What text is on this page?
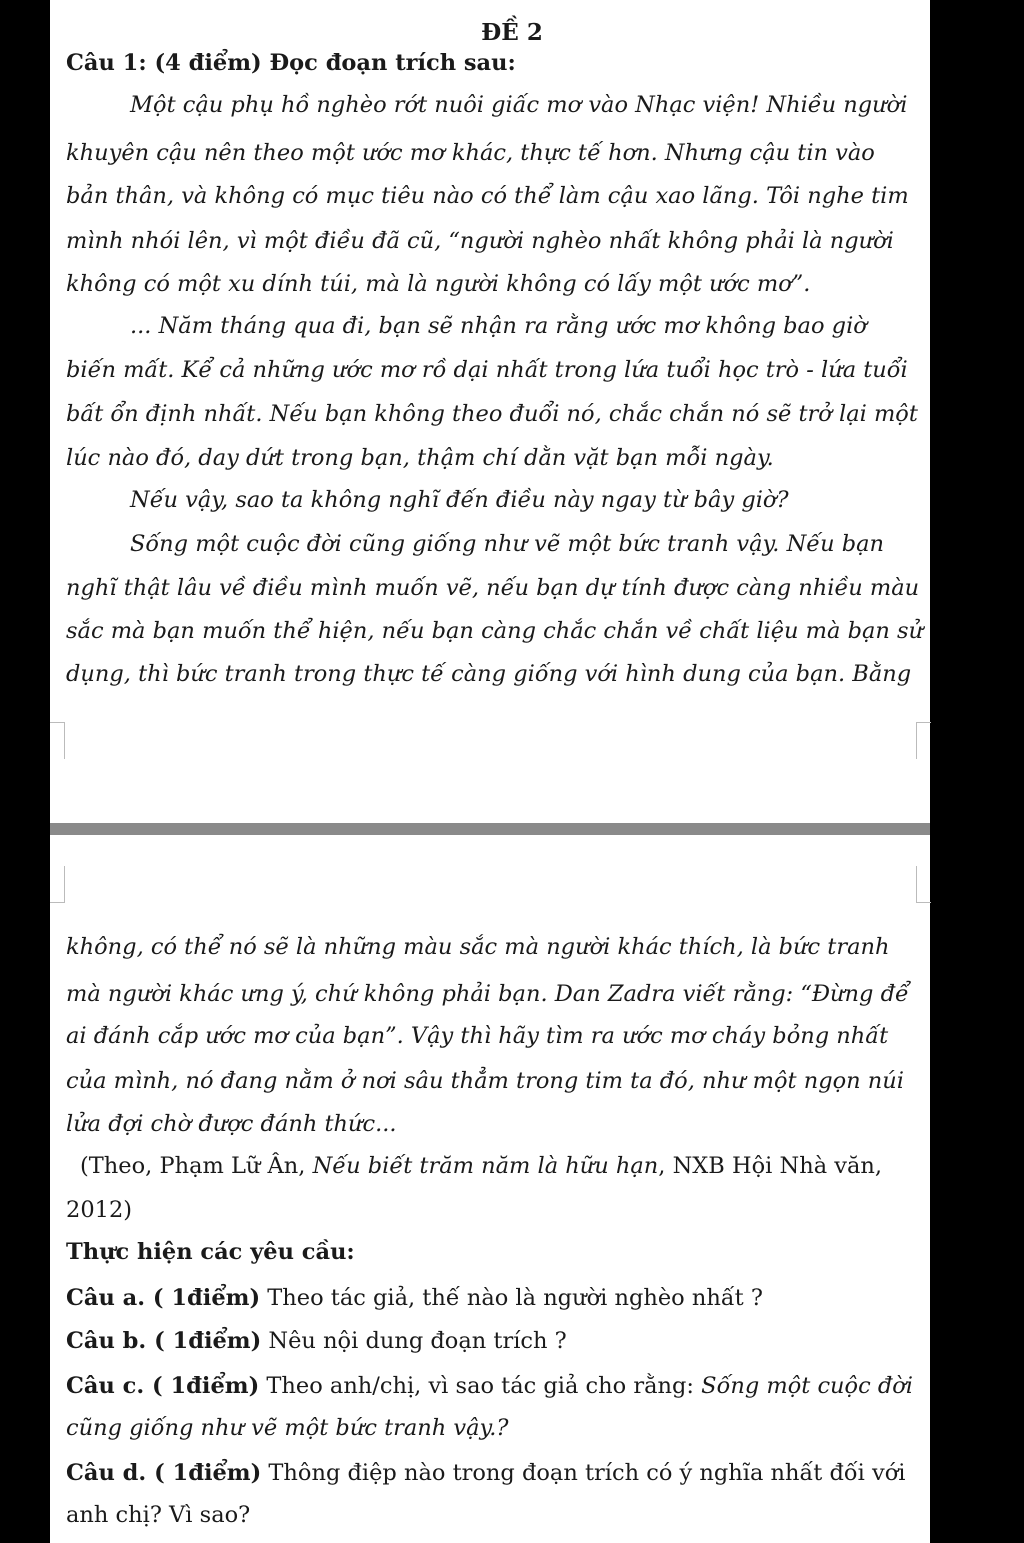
ĐỀ 2
Câu 1: (4 điểm) Đọc đoạn trích sau:
Một cậu phụ hồ nghèo rớt nuôi giấc mơ vào Nhạc viện! Nhiều người
khuyên cậu nên theo một ước mơ khác, thực tế hơn. Nhưng cậu tin vào
bản thân, và không có mục tiêu nào có thể làm cậu xao lãng. Tôi nghe tim
mình nhói lên, vì một điều đã cũ, “người nghèo nhất không phải là người
không có một xu dính túi, mà là người không có lấy một ước mơ”.
... Năm tháng qua đi, bạn sẽ nhận ra rằng ước mơ không bao giờ
biến mất. Kể cả những ước mơ rồ dại nhất trong lứa tuổi học trò - lứa tuổi
bất ổn định nhất. Nếu bạn không theo đuổi nó, chắc chắn nó sẽ trở lại một
lúc nào đó, day dứt trong bạn, thậm chí dằn vặt bạn mỗi ngày.
Nếu vậy, sao ta không nghĩ đến điều này ngay từ bây giờ?
Sống một cuộc đời cũng giống như vẽ một bức tranh vậy. Nếu bạn
nghĩ thật lâu về điều mình muốn vẽ, nếu bạn dự tính được càng nhiều màu
sắc mà bạn muốn thể hiện, nếu bạn càng chắc chắn về chất liệu mà bạn sử
dụng, thì bức tranh trong thực tế càng giống với hình dung của bạn. Bằng
không, có thể nó sẽ là những màu sắc mà người khác thích, là bức tranh
mà người khác ưng ý, chứ không phải bạn. Dan Zadra viết rằng: “Đừng để
ai đánh cắp ước mơ của bạn”. Vậy thì hãy tìm ra ước mơ cháy bỏng nhất
của mình, nó đang nằm ở nơi sâu thẳm trong tim ta đó, như một ngọn núi
lửa đợi chờ được đánh thức...
(Theo, Phạm Lữ Ân, Nếu biết trăm năm là hữu hạn, NXB Hội Nhà văn,
2012)
Thực hiện các yêu cầu:
Câu a. ( 1điểm) Theo tác giả, thế nào là người nghèo nhất ?
Câu b. ( 1điểm) Nêu nội dung đoạn trích ?
Câu c. ( 1điểm) Theo anh/chị, vì sao tác giả cho rằng: Sống một cuộc đời
cũng giống như vẽ một bức tranh vậy.?
Câu d. ( 1điểm) Thông điệp nào trong đoạn trích có ý nghĩa nhất đối với
anh chị? Vì sao?
